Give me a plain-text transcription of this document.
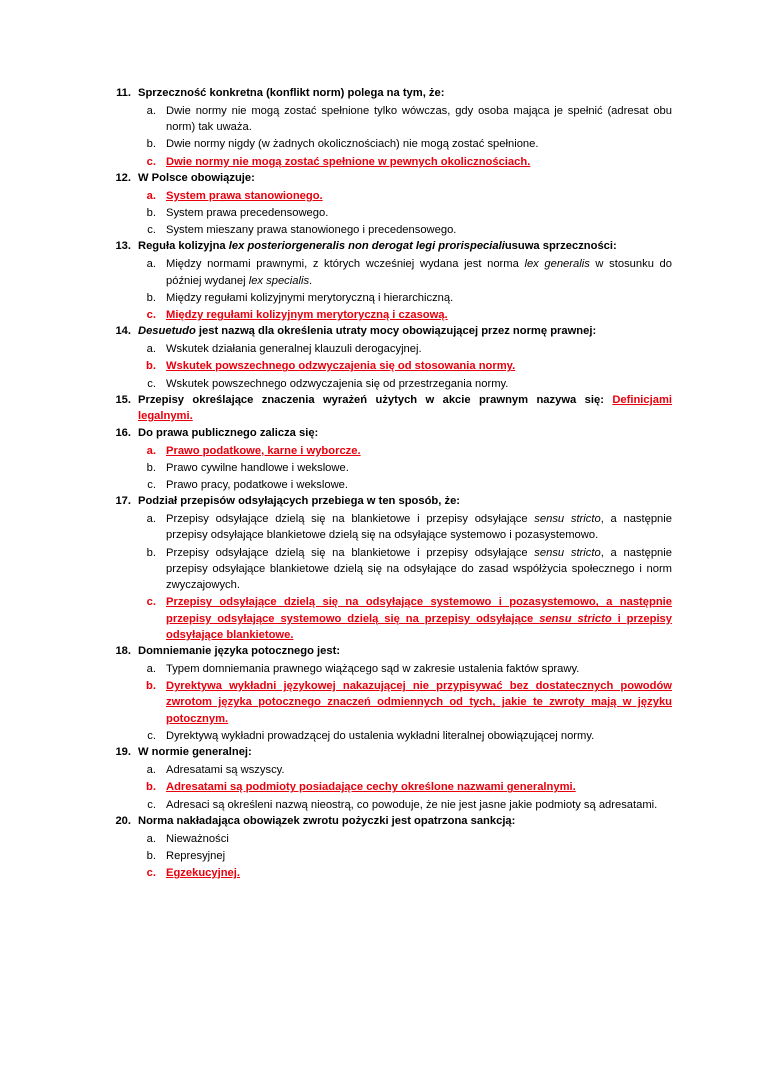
11. Sprzeczność konkretna (konflikt norm) polega na tym, że:
a. Dwie normy nie mogą zostać spełnione tylko wówczas, gdy osoba mająca je spełnić (adresat obu norm) tak uważa.
b. Dwie normy nigdy (w żadnych okolicznościach) nie mogą zostać spełnione.
c. Dwie normy nie mogą zostać spełnione w pewnych okolicznościach.
12. W Polsce obowiązuje:
a. System prawa stanowionego.
b. System prawa precedensowego.
c. System mieszany prawa stanowionego i precedensowego.
13. Reguła kolizyjna lex posteriorgeneralis non derogat legi prorispecialiusuwa sprzeczności:
a. Między normami prawnymi, z których wcześniej wydana jest norma lex generalis w stosunku do później wydanej lex specialis.
b. Między regułami kolizyjnymi merytoryczną i hierarchiczną.
c. Między regułami kolizyjnym merytoryczną i czasową.
14. Desuetudo jest nazwą dla określenia utraty mocy obowiązującej przez normę prawnej:
a. Wskutek działania generalnej klauzuli derogacyjnej.
b. Wskutek powszechnego odzwyczajenia się od stosowania normy.
c. Wskutek powszechnego odzwyczajenia się od przestrzegania normy.
15. Przepisy określające znaczenia wyrażeń użytych w akcie prawnym nazywa się: Definicjami legalnymi.
16. Do prawa publicznego zalicza się:
a. Prawo podatkowe, karne i wyborcze.
b. Prawo cywilne handlowe i wekslowe.
c. Prawo pracy, podatkowe i wekslowe.
17. Podział przepisów odsyłających przebiega w ten sposób, że:
a. Przepisy odsyłające dzielą się na blankietowe i przepisy odsyłające sensu stricto, a następnie przepisy odsyłające blankietowe dzielą się na odsyłające systemowo i pozasystemowo.
b. Przepisy odsyłające dzielą się na blankietowe i przepisy odsyłające sensu stricto, a następnie przepisy odsyłające blankietowe dzielą się na odsyłające do zasad współżycia społecznego i norm zwyczajowych.
c. Przepisy odsyłające dzielą się na odsyłające systemowo i pozasystemowo, a następnie przepisy odsyłające systemowo dzielą się na przepisy odsyłające sensu stricto i przepisy odsyłające blankietowe.
18. Domniemanie języka potocznego jest:
a. Typem domniemania prawnego wiążącego sąd w zakresie ustalenia faktów sprawy.
b. Dyrektywa wykładni językowej nakazującej nie przypisywać bez dostatecznych powodów zwrotom języka potocznego znaczeń odmiennych od tych, jakie te zwroty mają w języku potocznym.
c. Dyrektywą wykładni prowadzącej do ustalenia wykładni literalnej obowiązującej normy.
19. W normie generalnej:
a. Adresatami są wszyscy.
b. Adresatami są podmioty posiadające cechy określone nazwami generalnymi.
c. Adresaci są określeni nazwą nieostrą, co powoduje, że nie jest jasne jakie podmioty są adresatami.
20. Norma nakładająca obowiązek zwrotu pożyczki jest opatrzona sankcją:
a. Nieważności
b. Represyjnej
c. Egzekucyjnej.
